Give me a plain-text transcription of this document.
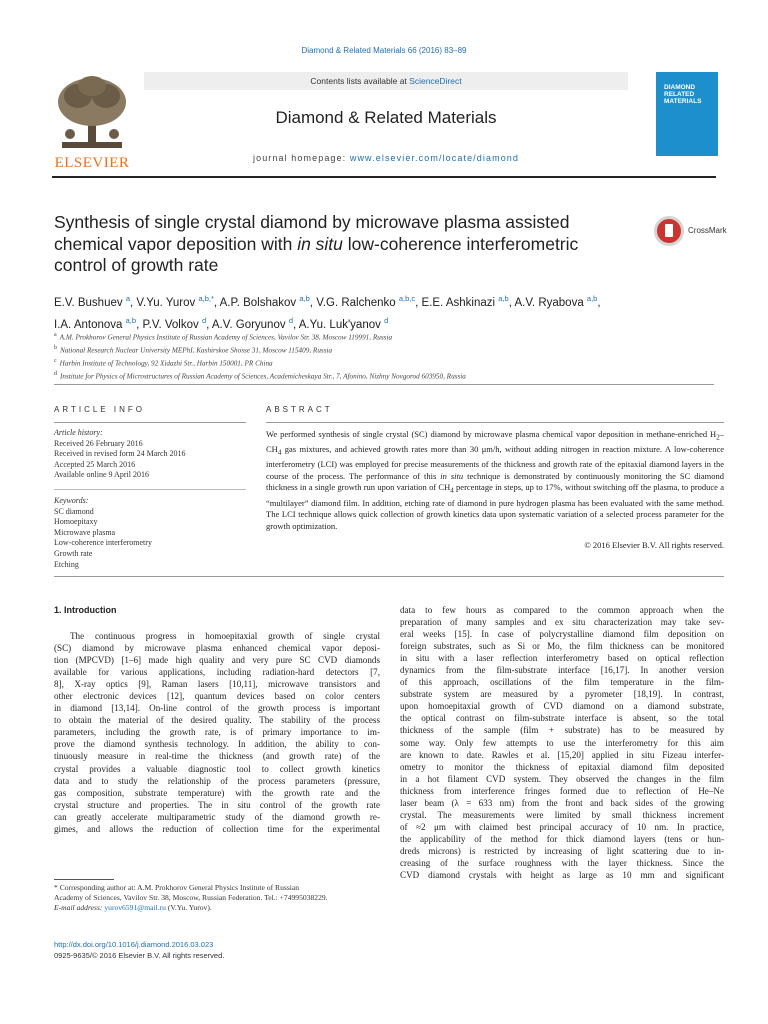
Diamond & Related Materials 66 (2016) 83–89
ELSEVIER
Contents lists available at ScienceDirect
Diamond & Related Materials
journal homepage: www.elsevier.com/locate/diamond
DIAMOND
RELATED
MATERIALS
Synthesis of single crystal diamond by microwave plasma assisted chemical vapor deposition with in situ low-coherence interferometric control of growth rate
CrossMark
E.V. Bushuev $^a$, V.Yu. Yurov $^{a,b,*}$, A.P. Bolshakov $^{a,b}$, V.G. Ralchenko $^{a,b,c}$, E.E. Ashkinazi $^{a,b}$, A.V. Ryabova $^{a,b}$,
I.A. Antonova $^{a,b}$, P.V. Volkov $^d$, A.V. Goryunov $^d$, A.Yu. Luk'yanov $^d$
$^a$ A.M. Prokhorov General Physics Institute of Russian Academy of Sciences, Vavilov Str. 38, Moscow 119991, Russia
$^b$ National Research Nuclear University MEPhI, Kashirskoe Shosse 31, Moscow 115409, Russia
$^c$ Harbin Institute of Technology, 92 Xidazhi Str., Harbin 150001, PR China
$^d$ Institute for Physics of Microstructures of Russian Academy of Sciences, Academicheskaya Str., 7, Afonino, Nizhny Novgorod 603950, Russia
ARTICLE INFO
Article history:
Received 26 February 2016
Received in revised form 24 March 2016
Accepted 25 March 2016
Available online 9 April 2016
Keywords:
SC diamond
Homoepitaxy
Microwave plasma
Low-coherence interferometry
Growth rate
Etching
ABSTRACT
We performed synthesis of single crystal (SC) diamond by microwave plasma chemical vapor deposition in methane-enriched $H_2-CH_4$ gas mixtures, and achieved growth rates more than 30 μm/h, without adding nitrogen in reaction mixture. A low-coherence interferometry (LCI) was employed for precise measurements of the thickness and growth rate of the epitaxial diamond layers in the course of the process. The performance of this in situ technique is demonstrated by continuously monitoring the SC diamond thickness in a single growth run upon variation of $CH_4$ percentage in steps, up to 17%, without switching off the plasma, to produce a “multilayer” diamond film. In addition, etching rate of diamond in pure hydrogen plasma has been evaluated with the same method. The LCI technique allows quick collection of growth kinetics data upon systematic variation of a selected process parameter for the growth optimization.
© 2016 Elsevier B.V. All rights reserved.
1. Introduction
The continuous progress in homoepitaxial growth of single crystal
(SC) diamond by microwave plasma enhanced chemical vapor deposi-
tion (MPCVD) [1–6] made high quality and very pure SC CVD diamonds
available for various applications, including radiation-hard detectors [7,
8], X-ray optics [9], Raman lasers [10,11], microwave transistors and
other electronic devices [12], quantum devices based on color centers
in diamond [13,14]. On-line control of the growth process is important
to obtain the material of the desired quality. The stability of the process
parameters, including the growth rate, is of primary importance to im-
prove the diamond synthesis technology. In addition, the ability to con-
tinuously measure in real-time the thickness (and growth rate) of the
crystal provides a valuable diagnostic tool to collect growth kinetics
data and to study the relationship of the process parameters (pressure,
gas composition, substrate temperature) with the growth rate and the
crystal structure and properties. The in situ control of the growth rate
can greatly accelerate multiparametric study of the diamond growth re-
gimes, and allows the reduction of collection time for the experimental
data to few hours as compared to the common approach when the
preparation of many samples and ex situ characterization may take sev-
eral weeks [15]. In case of polycrystalline diamond film deposition on
foreign substrates, such as Si or Mo, the film thickness can be monitored
in situ with a laser reflection interferometry based on optical reflection
dynamics from the film-substrate interface [16,17]. In another version
of this approach, oscillations of the film temperature in the film-
substrate system are measured by a pyrometer [18,19]. In contrast,
upon homoepitaxial growth of CVD diamond on a diamond substrate,
the optical contrast on film-substrate interface is absent, so the total
thickness of the sample (film + substrate) has to be measured by
some way. Only few attempts to use the interferometry for this aim
are known to date. Rawles et al. [15,20] applied in situ Fizeau interfer-
ometry to monitor the thickness of epitaxial diamond film deposited
in a hot filament CVD system. They observed the changes in the film
thickness from interference fringes formed due to reflection of He–Ne
laser beam (λ = 633 nm) from the front and back sides of the growing
crystal. The measurements were limited by small thickness increment
of ≈2 μm with claimed best principal accuracy of 10 nm. In practice,
the applicability of the method for thick diamond layers (tens or hun-
dreds microns) is restricted by increasing of light scattering due to in-
creasing of the surface roughness with the layer thickness. Since the
CVD diamond crystals with height as large as 10 mm and significant
* Corresponding author at: A.M. Prokhorov General Physics Institute of Russian
Academy of Sciences, Vavilov Str. 38, Moscow, Russian Federation. Tel.: +74995038229.
E-mail address: yurov6591@mail.ru (V.Yu. Yurov).
http://dx.doi.org/10.1016/j.diamond.2016.03.023
0925-9635/© 2016 Elsevier B.V. All rights reserved.
